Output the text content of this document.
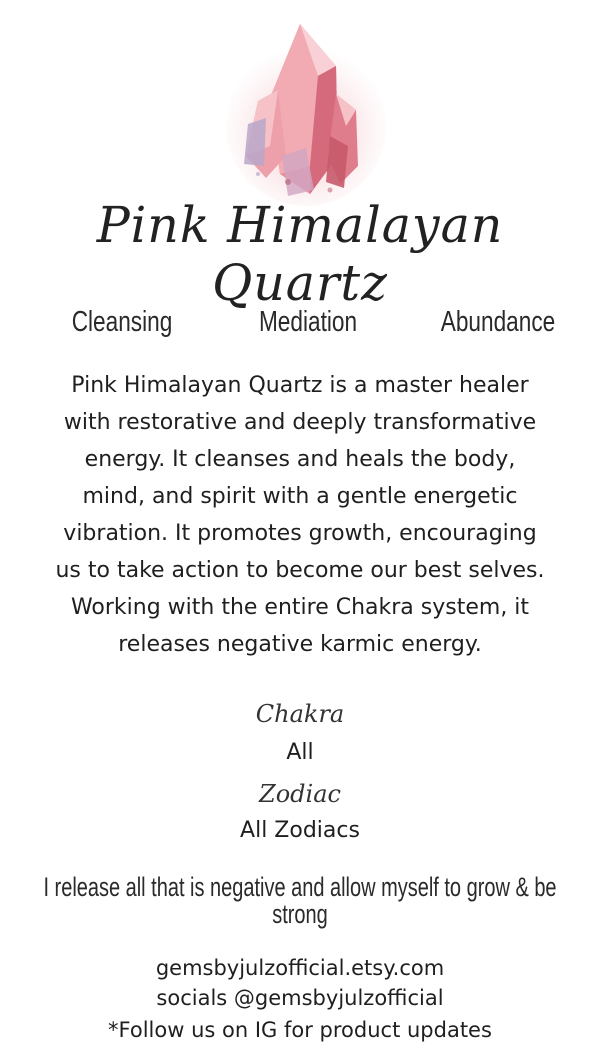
Pink Himalayan Quartz
Cleansing	Mediation	Abundance
Pink Himalayan Quartz is a master healer with restorative and deeply transformative energy. It cleanses and heals the body, mind, and spirit with a gentle energetic vibration. It promotes growth, encouraging us to take action to become our best selves. Working with the entire Chakra system, it releases negative karmic energy.
Chakra
All
Zodiac
All Zodiacs
I release all that is negative and allow myself to grow & be strong
gemsbyjulzofficial.etsy.com
socials @gemsbyjulzofficial
*Follow us on IG for product updates
